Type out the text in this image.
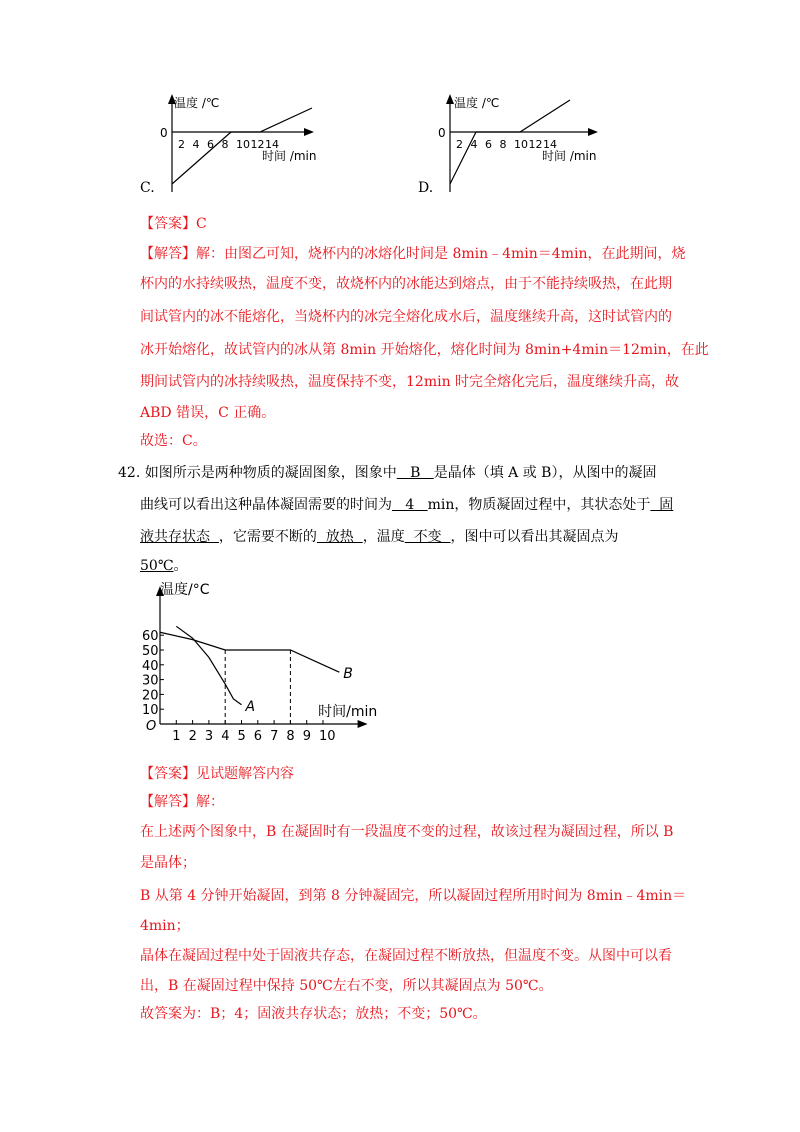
温度 /℃
0
2 4 6 8 10 12 14
时间 /min
C.
温度 /℃
0
2 4 6 8 10 12 14
时间 /min
D.
【答案】C
【解答】解：由图乙可知，烧杯内的冰熔化时间是 8min﹣4min＝4min，在此期间，烧
杯内的水持续吸热，温度不变，故烧杯内的冰能达到熔点，由于不能持续吸热，在此期
间试管内的冰不能熔化，当烧杯内的冰完全熔化成水后，温度继续升高，这时试管内的
冰开始熔化，故试管内的冰从第 8min 开始熔化，熔化时间为 8min+4min＝12min，在此
期间试管内的冰持续吸热，温度保持不变，12min 时完全熔化完后，温度继续升高，故
ABD 错误，C 正确。
故选：C。
42. 如图所示是两种物质的凝固图象，图象中   B   是晶体（填 A 或 B），从图中的凝固
曲线可以看出这种晶体凝固需要的时间为   4   min，物质凝固过程中，其状态处于  固
液共存状态  ，它需要不断的  放热  ，温度  不变  ，图中可以看出其凝固点为
50℃。
温度/°C
时间/min
O
10
20
30
40
50
60
1 2 3 4 5 6 7 8 9 10
A
B
【答案】见试题解答内容
【解答】解：
在上述两个图象中，B 在凝固时有一段温度不变的过程，故该过程为凝固过程，所以 B
是晶体；
B 从第 4 分钟开始凝固，到第 8 分钟凝固完，所以凝固过程所用时间为 8min﹣4min＝
4min；
晶体在凝固过程中处于固液共存态，在凝固过程不断放热，但温度不变。从图中可以看
出，B 在凝固过程中保持 50℃左右不变，所以其凝固点为 50℃。
故答案为：B；4；固液共存状态；放热；不变；50℃。
